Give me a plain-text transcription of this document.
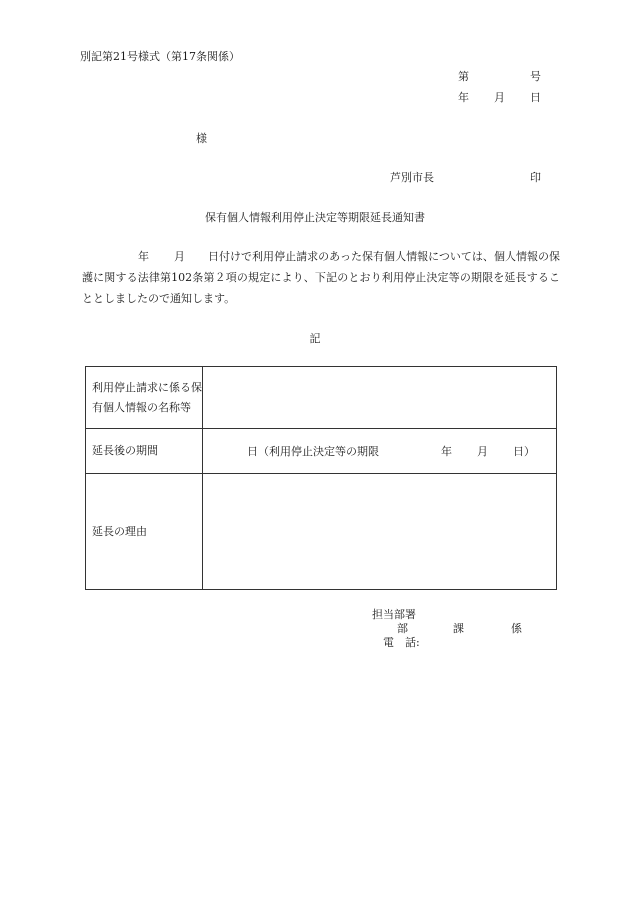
別記第21号様式（第17条関係）
第	号
年 月 日
様
芦別市長	印
保有個人情報利用停止決定等期限延長通知書
年 月	日付けで利用停止請求のあった保有個人情報については、個人情報の保護に関する法律第102条第２項の規定により、下記のとおり利用停止決定等の期限を延長することとしましたので通知します。
記
利用停止請求に係る保有個人情報の名称等	
延長後の期間	日（利用停止決定等の期限 年 月 日）

延長の理由	
担当部署
部	課	係
電　話:
